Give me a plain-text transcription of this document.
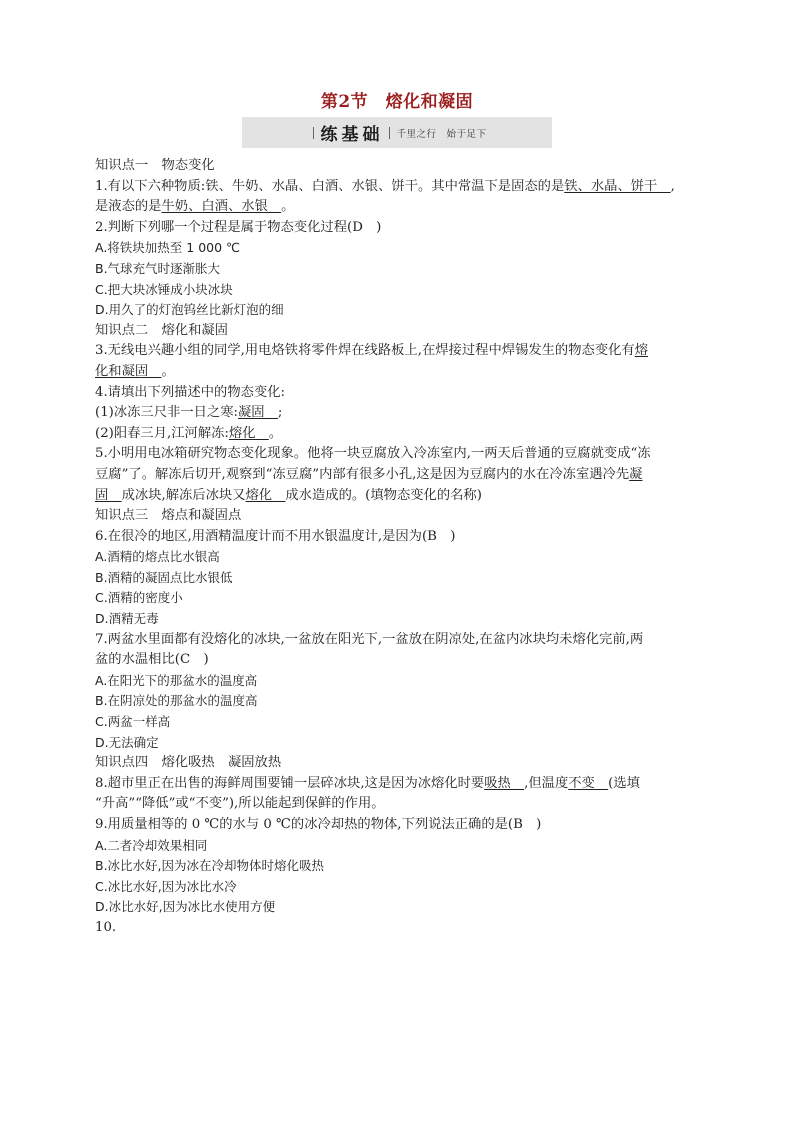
第2节　熔化和凝固
练基础 千里之行　始于足下
知识点一　物态变化
1.有以下六种物质:铁、牛奶、水晶、白酒、水银、饼干。其中常温下是固态的是铁、水晶、饼干　,
是液态的是牛奶、白酒、水银　。
2.判断下列哪一个过程是属于物态变化过程(D　)
A.将铁块加热至 1 000 ℃
B.气球充气时逐渐胀大
C.把大块冰锤成小块冰块
D.用久了的灯泡钨丝比新灯泡的细
知识点二　熔化和凝固
3.无线电兴趣小组的同学,用电烙铁将零件焊在线路板上,在焊接过程中焊锡发生的物态变化有熔
化和凝固　。
4.请填出下列描述中的物态变化:
(1)冰冻三尺非一日之寒:凝固　;
(2)阳春三月,江河解冻:熔化　。
5.小明用电冰箱研究物态变化现象。他将一块豆腐放入冷冻室内,一两天后普通的豆腐就变成“冻
豆腐”了。解冻后切开,观察到“冻豆腐”内部有很多小孔,这是因为豆腐内的水在冷冻室遇冷先凝
固　成冰块,解冻后冰块又熔化　成水造成的。(填物态变化的名称)
知识点三　熔点和凝固点
6.在很冷的地区,用酒精温度计而不用水银温度计,是因为(B　)
A.酒精的熔点比水银高
B.酒精的凝固点比水银低
C.酒精的密度小
D.酒精无毒
7.两盆水里面都有没熔化的冰块,一盆放在阳光下,一盆放在阴凉处,在盆内冰块均未熔化完前,两
盆的水温相比(C　)
A.在阳光下的那盆水的温度高
B.在阴凉处的那盆水的温度高
C.两盆一样高
D.无法确定
知识点四　熔化吸热　凝固放热
8.超市里正在出售的海鲜周围要铺一层碎冰块,这是因为冰熔化时要吸热　,但温度不变　(选填
“升高”“降低”或“不变”),所以能起到保鲜的作用。
9.用质量相等的 0 ℃的水与 0 ℃的冰冷却热的物体,下列说法正确的是(B　)
A.二者冷却效果相同
B.冰比水好,因为冰在冷却物体时熔化吸热
C.冰比水好,因为冰比水冷
D.冰比水好,因为冰比水使用方便
10.
